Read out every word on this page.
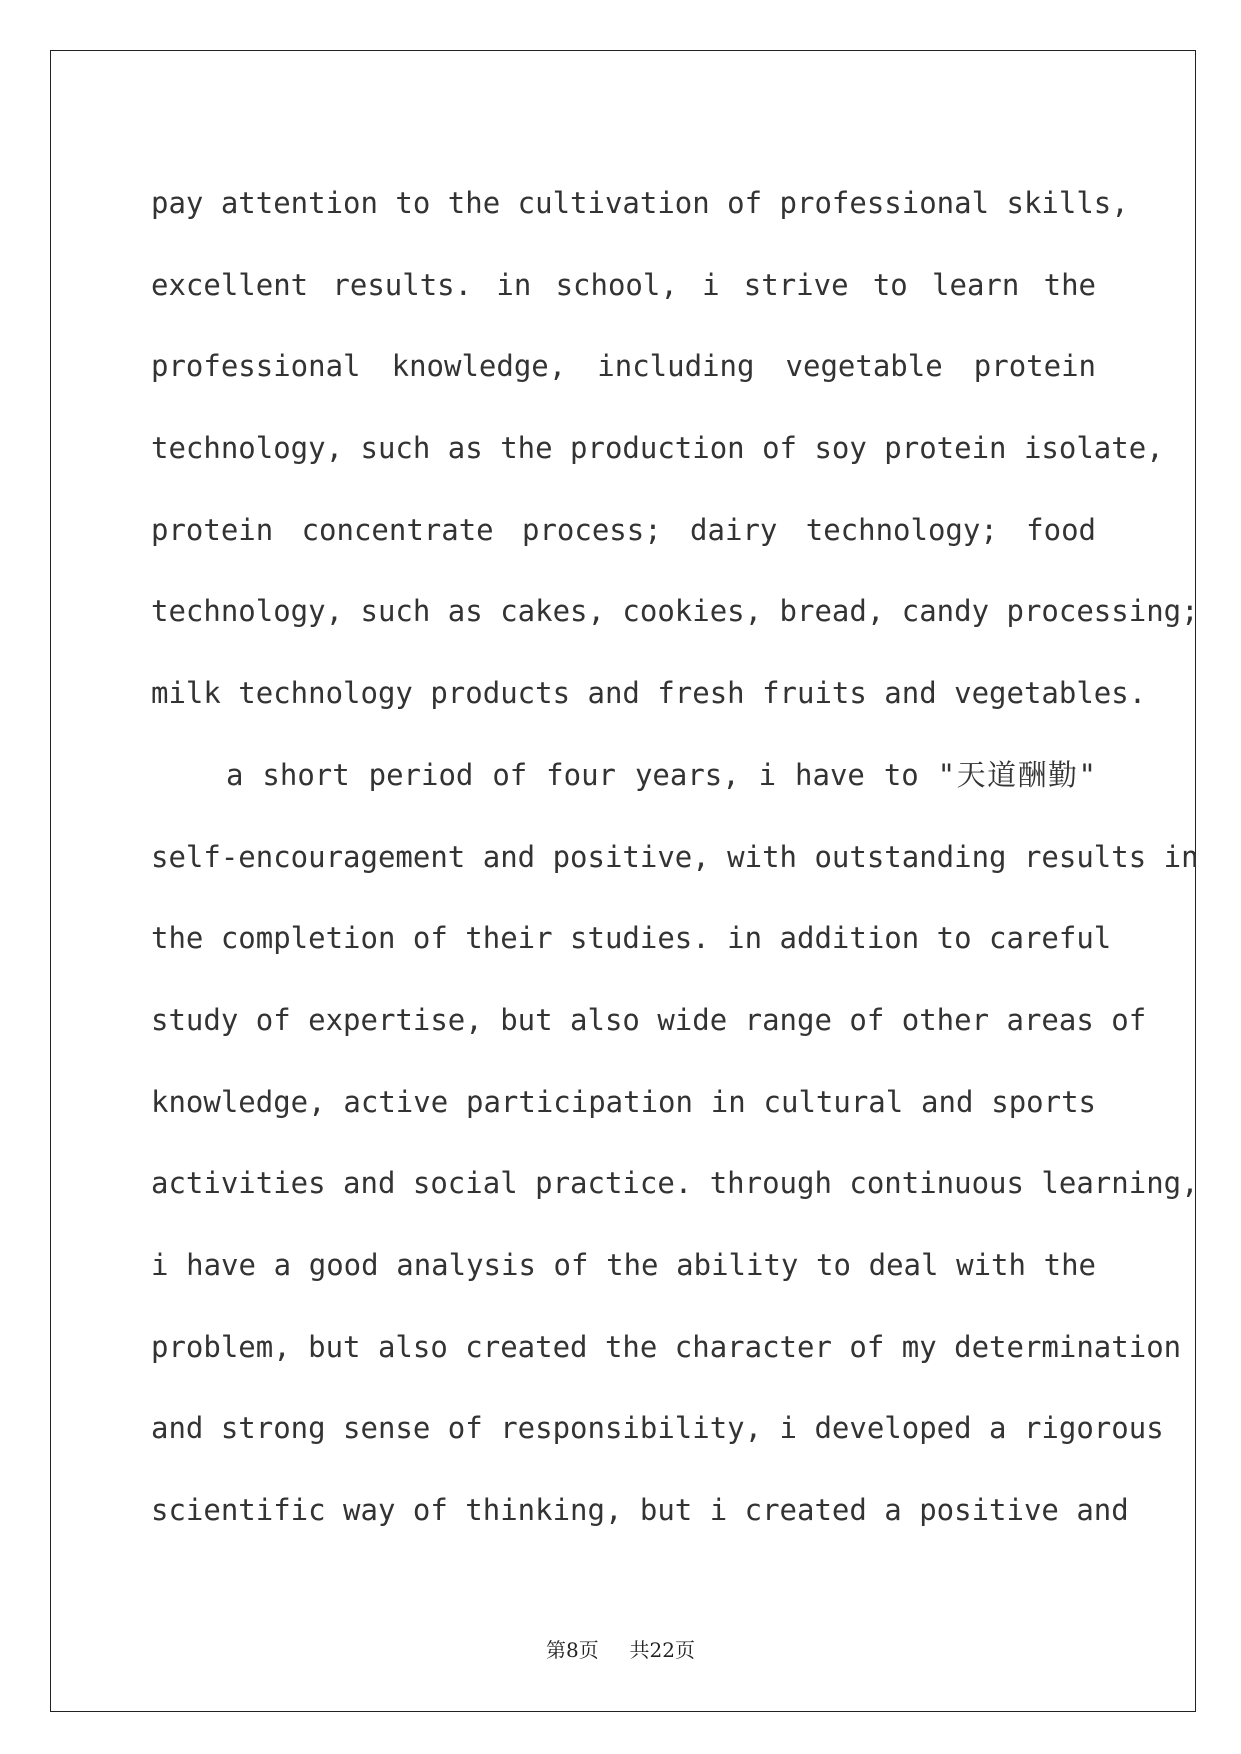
pay attention to the cultivation of professional skills,
excellent results. in school, i strive to learn the
professional knowledge, including vegetable protein
technology, such as the production of soy protein isolate,
protein concentrate process; dairy technology; food
technology, such as cakes, cookies, bread, candy processing;
milk technology products and fresh fruits and vegetables.
a short period of four years, i have to "天道酬勤"
self-encouragement and positive, with outstanding results in
the completion of their studies. in addition to careful
study of expertise, but also wide range of other areas of
knowledge, active participation in cultural and sports
activities and social practice. through continuous learning,
i have a good analysis of the ability to deal with the
problem, but also created the character of my determination
and strong sense of responsibility, i developed a rigorous
scientific way of thinking, but i created a positive and
第8页 共22页
